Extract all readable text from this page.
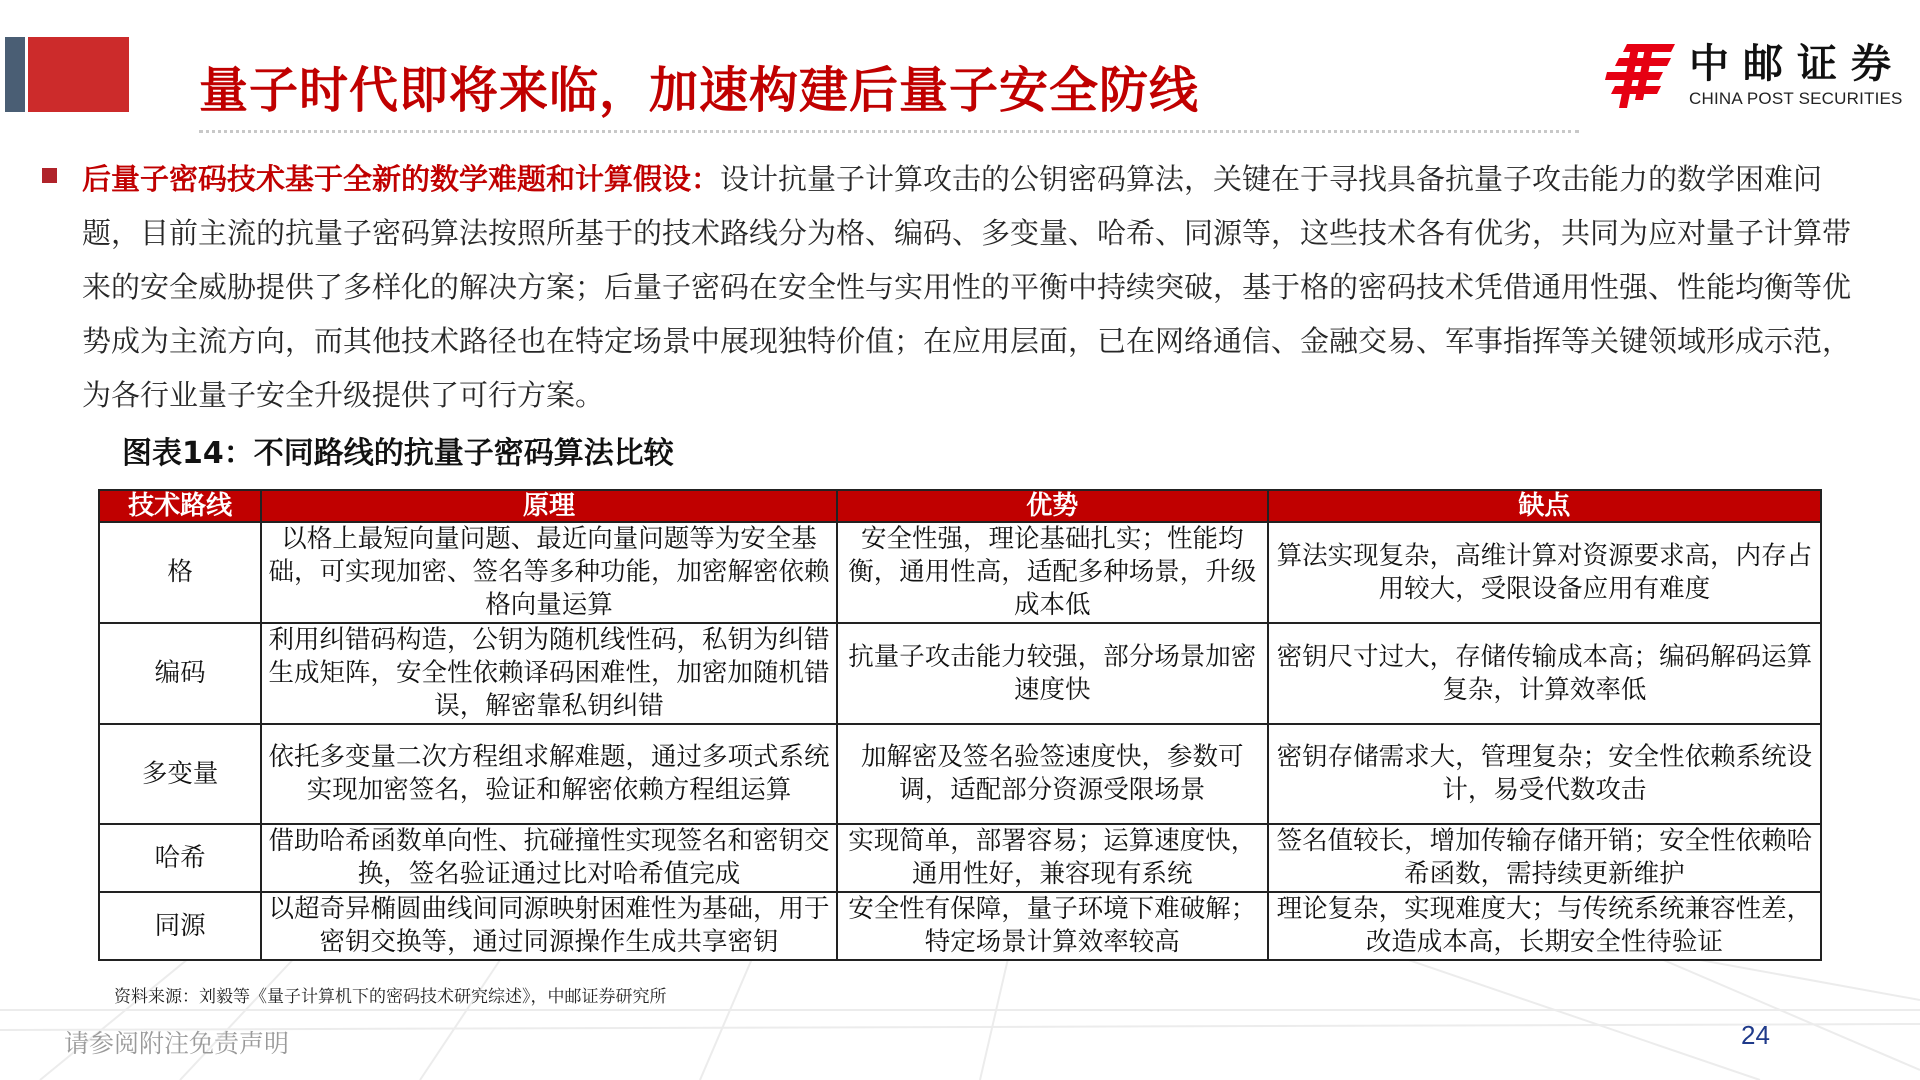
量子时代即将来临，加速构建后量子安全防线	中邮证券
CHINA POST SECURITIES
后量子密码技术基于全新的数学难题和计算假设：设计抗量子计算攻击的公钥密码算法，关键在于寻找具备抗量子攻击能力的数学困难问题，目前主流的抗量子密码算法按照所基于的技术路线分为格、编码、多变量、哈希、同源等，这些技术各有优劣，共同为应对量子计算带来的安全威胁提供了多样化的解决方案；后量子密码在安全性与实用性的平衡中持续突破，基于格的密码技术凭借通用性强、性能均衡等优势成为主流方向，而其他技术路径也在特定场景中展现独特价值；在应用层面，已在网络通信、金融交易、军事指挥等关键领域形成示范，为各行业量子安全升级提供了可行方案。
图表14：不同路线的抗量子密码算法比较
技术路线	原理	优势	缺点
格	以格上最短向量问题、最近向量问题等为安全基础，可实现加密、签名等多种功能，加密解密依赖格向量运算	安全性强，理论基础扎实；性能均衡，通用性高，适配多种场景，升级成本低	算法实现复杂，高维计算对资源要求高，内存占用较大，受限设备应用有难度
编码	利用纠错码构造，公钥为随机线性码，私钥为纠错生成矩阵，安全性依赖译码困难性，加密加随机错误，解密靠私钥纠错	抗量子攻击能力较强，部分场景加密速度快	密钥尺寸过大，存储传输成本高；编码解码运算复杂，计算效率低
多变量	依托多变量二次方程组求解难题，通过多项式系统实现加密签名，验证和解密依赖方程组运算	加解密及签名验签速度快，参数可调，适配部分资源受限场景	密钥存储需求大，管理复杂；安全性依赖系统设计，易受代数攻击
哈希	借助哈希函数单向性、抗碰撞性实现签名和密钥交换，签名验证通过比对哈希值完成	实现简单，部署容易；运算速度快，通用性好，兼容现有系统	签名值较长，增加传输存储开销；安全性依赖哈希函数，需持续更新维护
同源	以超奇异椭圆曲线间同源映射困难性为基础，用于密钥交换等，通过同源操作生成共享密钥	安全性有保障，量子环境下难破解；特定场景计算效率较高	理论复杂，实现难度大；与传统系统兼容性差，改造成本高，长期安全性待验证
资料来源：刘毅等《量子计算机下的密码技术研究综述》，中邮证券研究所
请参阅附注免责声明	24
